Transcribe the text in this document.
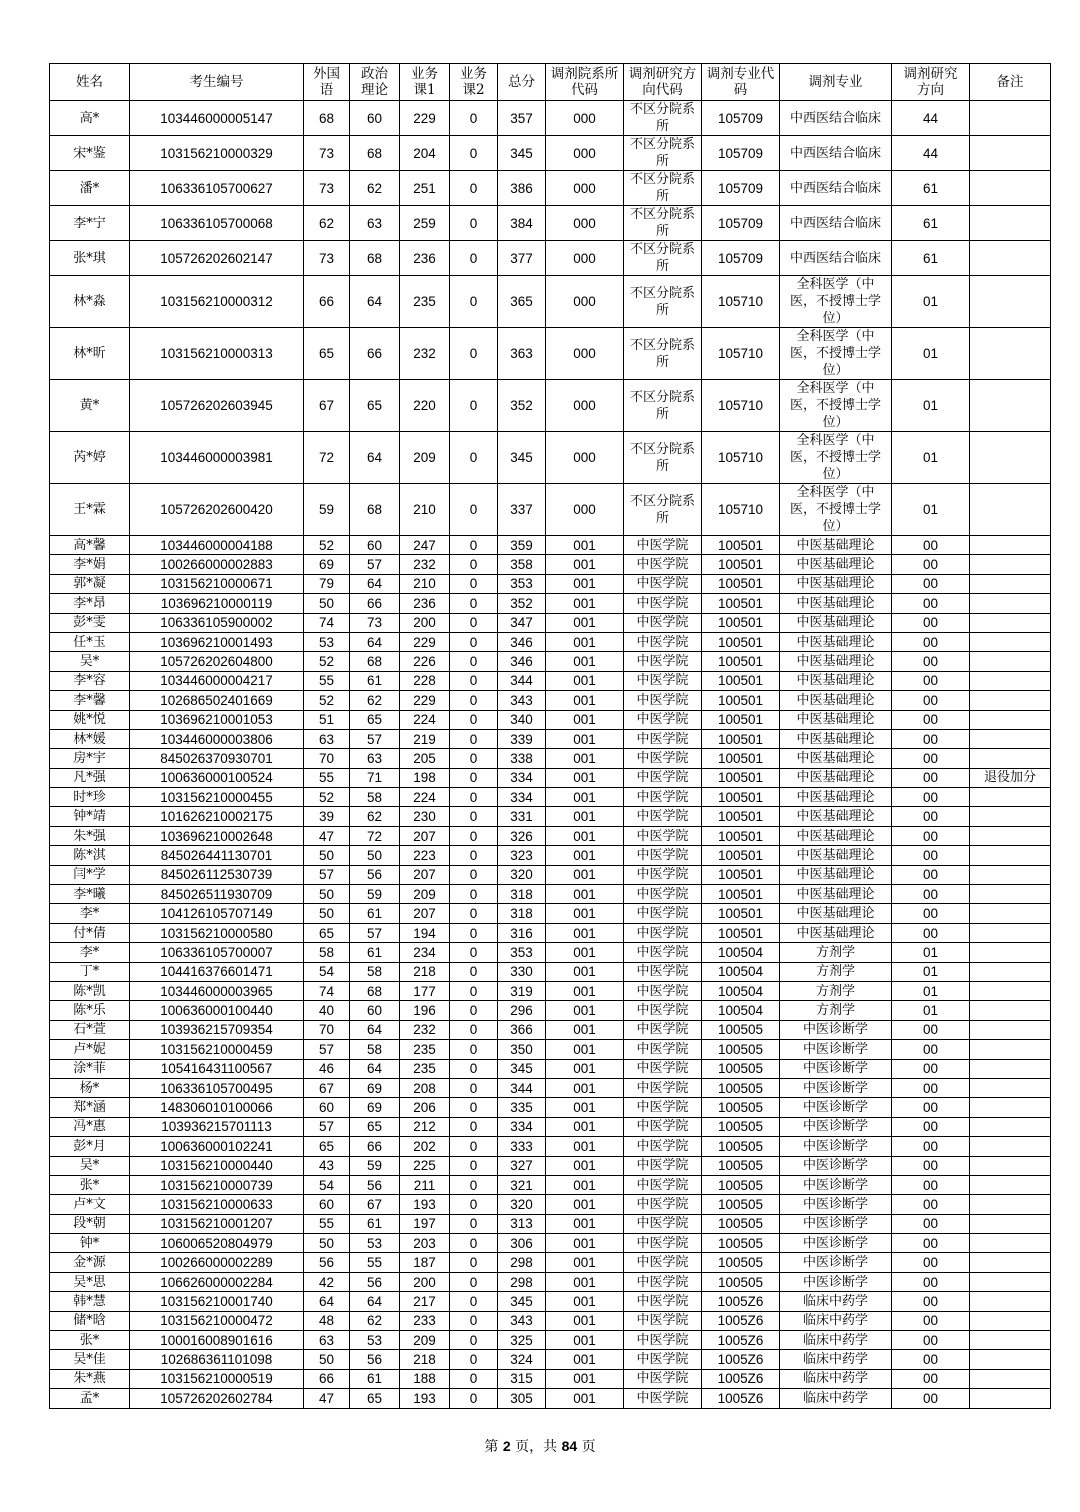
姓名	考生编号	外国语	政治理论	业务课1	业务课2	总分	调剂院系所代码	调剂研究方向代码	调剂专业代码	调剂专业	调剂研究方向	备注
高*	103446000005147	68	60	229	0	357	000	不区分院系所	105709	中西医结合临床	44	
宋*鉴	103156210000329	73	68	204	0	345	000	不区分院系所	105709	中西医结合临床	44	
潘*	106336105700627	73	62	251	0	386	000	不区分院系所	105709	中西医结合临床	61	
李*宁	106336105700068	62	63	259	0	384	000	不区分院系所	105709	中西医结合临床	61	
张*琪	105726202602147	73	68	236	0	377	000	不区分院系所	105709	中西医结合临床	61	
林*淼	103156210000312	66	64	235	0	365	000	不区分院系所	105710	全科医学（中医，不授博士学位）	01	
林*昕	103156210000313	65	66	232	0	363	000	不区分院系所	105710	全科医学（中医，不授博士学位）	01	
黄*	105726202603945	67	65	220	0	352	000	不区分院系所	105710	全科医学（中医，不授博士学位）	01	
芮*婷	103446000003981	72	64	209	0	345	000	不区分院系所	105710	全科医学（中医，不授博士学位）	01	
王*霖	105726202600420	59	68	210	0	337	000	不区分院系所	105710	全科医学（中医，不授博士学位）	01	
高*馨	103446000004188	52	60	247	0	359	001	中医学院	100501	中医基础理论	00	
李*娟	100266000002883	69	57	232	0	358	001	中医学院	100501	中医基础理论	00	
郭*凝	103156210000671	79	64	210	0	353	001	中医学院	100501	中医基础理论	00	
李*昂	103696210000119	50	66	236	0	352	001	中医学院	100501	中医基础理论	00	
彭*雯	106336105900002	74	73	200	0	347	001	中医学院	100501	中医基础理论	00	
任*玉	103696210001493	53	64	229	0	346	001	中医学院	100501	中医基础理论	00	
吴*	105726202604800	52	68	226	0	346	001	中医学院	100501	中医基础理论	00	
李*容	103446000004217	55	61	228	0	344	001	中医学院	100501	中医基础理论	00	
李*馨	102686502401669	52	62	229	0	343	001	中医学院	100501	中医基础理论	00	
姚*悦	103696210001053	51	65	224	0	340	001	中医学院	100501	中医基础理论	00	
林*媛	103446000003806	63	57	219	0	339	001	中医学院	100501	中医基础理论	00	
房*宇	845026370930701	70	63	205	0	338	001	中医学院	100501	中医基础理论	00	
凡*强	100636000100524	55	71	198	0	334	001	中医学院	100501	中医基础理论	00	退役加分
时*珍	103156210000455	52	58	224	0	334	001	中医学院	100501	中医基础理论	00	
钟*靖	101626210002175	39	62	230	0	331	001	中医学院	100501	中医基础理论	00	
朱*强	103696210002648	47	72	207	0	326	001	中医学院	100501	中医基础理论	00	
陈*淇	845026441130701	50	50	223	0	323	001	中医学院	100501	中医基础理论	00	
闫*学	845026112530739	57	56	207	0	320	001	中医学院	100501	中医基础理论	00	
李*曦	845026511930709	50	59	209	0	318	001	中医学院	100501	中医基础理论	00	
李*	104126105707149	50	61	207	0	318	001	中医学院	100501	中医基础理论	00	
付*倩	103156210000580	65	57	194	0	316	001	中医学院	100501	中医基础理论	00	
李*	106336105700007	58	61	234	0	353	001	中医学院	100504	方剂学	01	
丁*	104416376601471	54	58	218	0	330	001	中医学院	100504	方剂学	01	
陈*凯	103446000003965	74	68	177	0	319	001	中医学院	100504	方剂学	01	
陈*乐	100636000100440	40	60	196	0	296	001	中医学院	100504	方剂学	01	
石*萱	103936215709354	70	64	232	0	366	001	中医学院	100505	中医诊断学	00	
卢*妮	103156210000459	57	58	235	0	350	001	中医学院	100505	中医诊断学	00	
涂*菲	105416431100567	46	64	235	0	345	001	中医学院	100505	中医诊断学	00	
杨*	106336105700495	67	69	208	0	344	001	中医学院	100505	中医诊断学	00	
郑*涵	148306010100066	60	69	206	0	335	001	中医学院	100505	中医诊断学	00	
冯*惠	103936215701113	57	65	212	0	334	001	中医学院	100505	中医诊断学	00	
彭*月	100636000102241	65	66	202	0	333	001	中医学院	100505	中医诊断学	00	
吴*	103156210000440	43	59	225	0	327	001	中医学院	100505	中医诊断学	00	
张*	103156210000739	54	56	211	0	321	001	中医学院	100505	中医诊断学	00	
卢*文	103156210000633	60	67	193	0	320	001	中医学院	100505	中医诊断学	00	
段*朝	103156210001207	55	61	197	0	313	001	中医学院	100505	中医诊断学	00	
钟*	106006520804979	50	53	203	0	306	001	中医学院	100505	中医诊断学	00	
金*源	100266000002289	56	55	187	0	298	001	中医学院	100505	中医诊断学	00	
吴*思	106626000002284	42	56	200	0	298	001	中医学院	100505	中医诊断学	00	
韩*慧	103156210001740	64	64	217	0	345	001	中医学院	1005Z6	临床中药学	00	
储*晗	103156210000472	48	62	233	0	343	001	中医学院	1005Z6	临床中药学	00	
张*	100016008901616	63	53	209	0	325	001	中医学院	1005Z6	临床中药学	00	
吴*佳	102686361101098	50	56	218	0	324	001	中医学院	1005Z6	临床中药学	00	
朱*燕	103156210000519	66	61	188	0	315	001	中医学院	1005Z6	临床中药学	00	
孟*	105726202602784	47	65	193	0	305	001	中医学院	1005Z6	临床中药学	00	
第 2 页，共 84 页
